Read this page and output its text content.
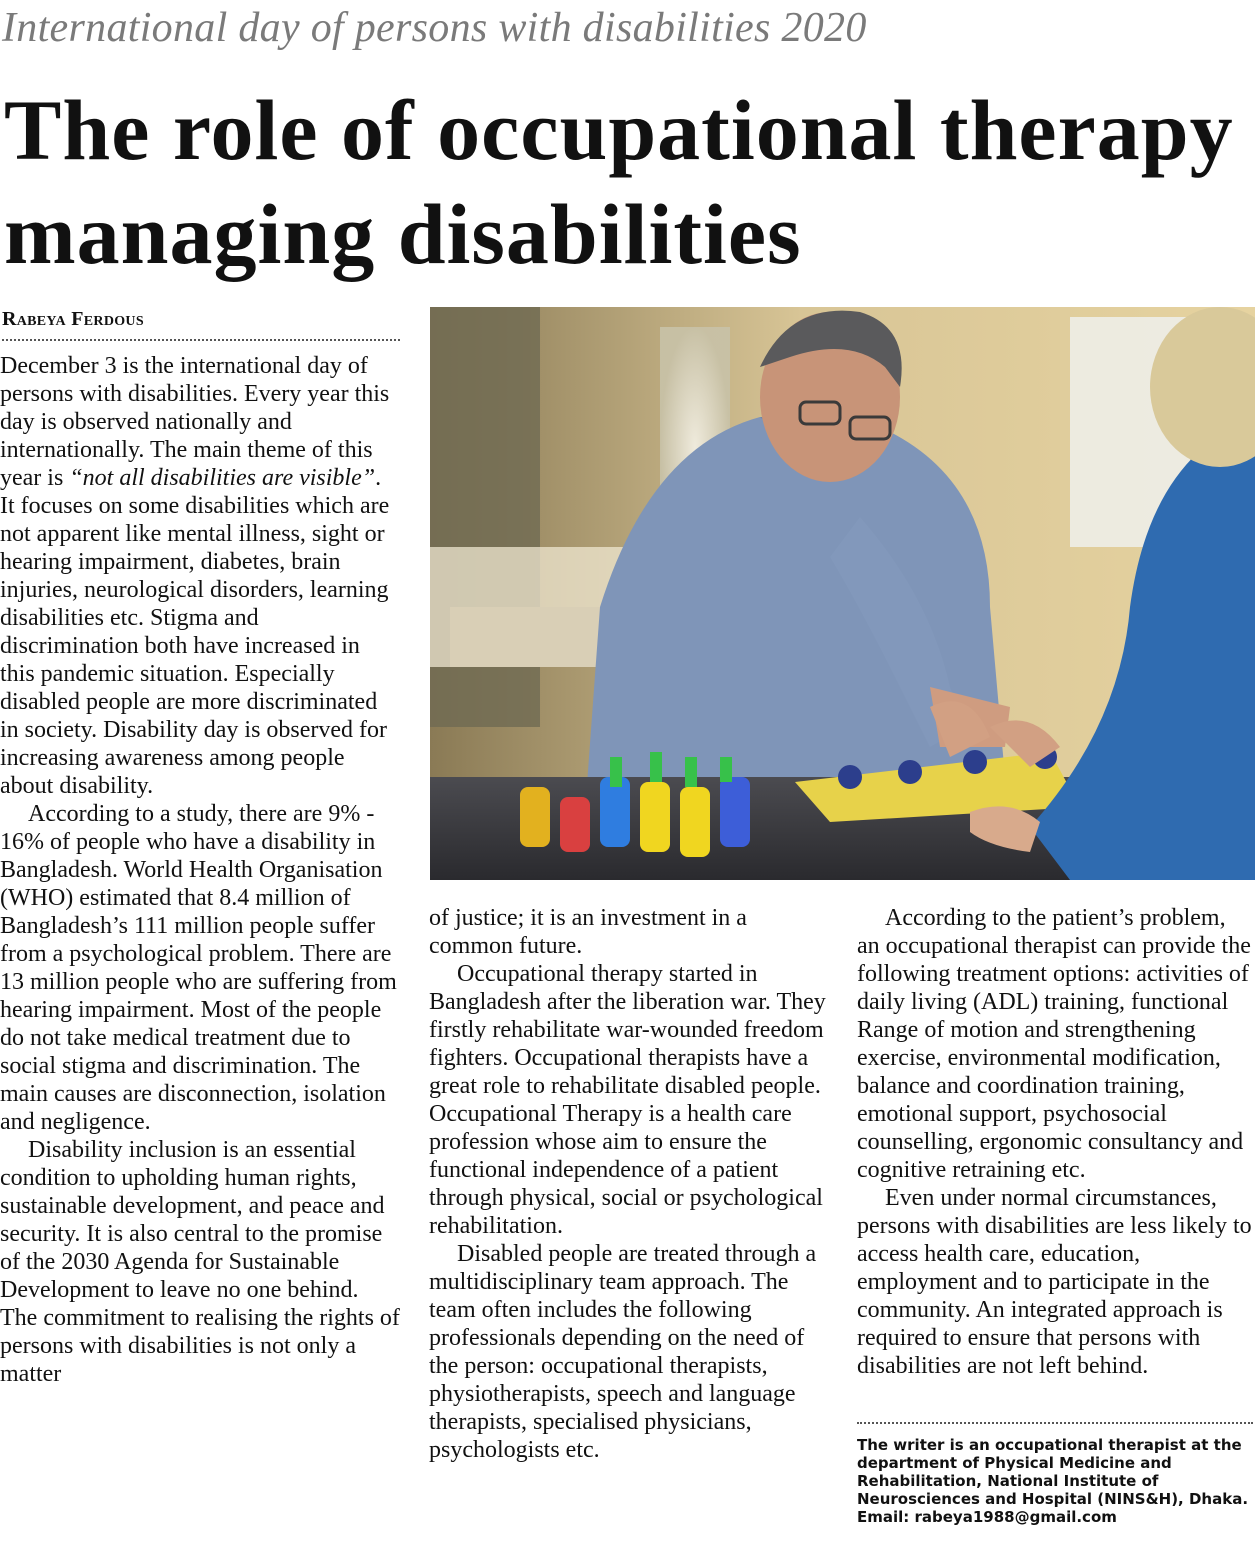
International day of persons with disabilities 2020
The role of occupational therapy
managing disabilities
Rabeya Ferdous

December 3 is the international day of persons with disabilities. Every year this day is observed nationally and internationally. The main theme of this year is “not all disabilities are visible”. It focuses on some disabilities which are not apparent like mental illness, sight or hearing impairment, diabetes, brain injuries, neurological disorders, learning disabilities etc. Stigma and discrimination both have increased in this pandemic situation. Especially disabled people are more discriminated in society. Disability day is observed for increasing awareness among people about disability.

According to a study, there are 9% - 16% of people who have a disability in Bangladesh. World Health Organisation (WHO) estimated that 8.4 million of Bangladesh’s 111 million people suffer from a psychological problem. There are 13 million people who are suffering from hearing impairment. Most of the people do not take medical treatment due to social stigma and discrimination. The main causes are disconnection, isolation and negligence.

Disability inclusion is an essential condition to upholding human rights, sustainable development, and peace and security. It is also central to the promise of the 2030 Agenda for Sustainable Development to leave no one behind. The commitment to realising the rights of persons with disabilities is not only a matter

of justice; it is an investment in a common future.

Occupational therapy started in Bangladesh after the liberation war. They firstly rehabilitate war-wounded freedom fighters. Occupational therapists have a great role to rehabilitate disabled people. Occupational Therapy is a health care profession whose aim to ensure the functional independence of a patient through physical, social or psychological rehabilitation.

Disabled people are treated through a multidisciplinary team approach. The team often includes the following professionals depending on the need of the person: occupational therapists, physiotherapists, speech and language therapists, specialised physicians, psychologists etc.

According to the patient’s problem, an occupational therapist can provide the following treatment options: activities of daily living (ADL) training, functional Range of motion and strengthening exercise, environmental modification, balance and coordination training, emotional support, psychosocial counselling, ergonomic consultancy and cognitive retraining etc.

Even under normal circumstances, persons with disabilities are less likely to access health care, education, employment and to participate in the community. An integrated approach is required to ensure that persons with disabilities are not left behind.

The writer is an occupational therapist at the department of Physical Medicine and Rehabilitation, National Institute of Neurosciences and Hospital (NINS&H), Dhaka. Email: rabeya1988@gmail.com
